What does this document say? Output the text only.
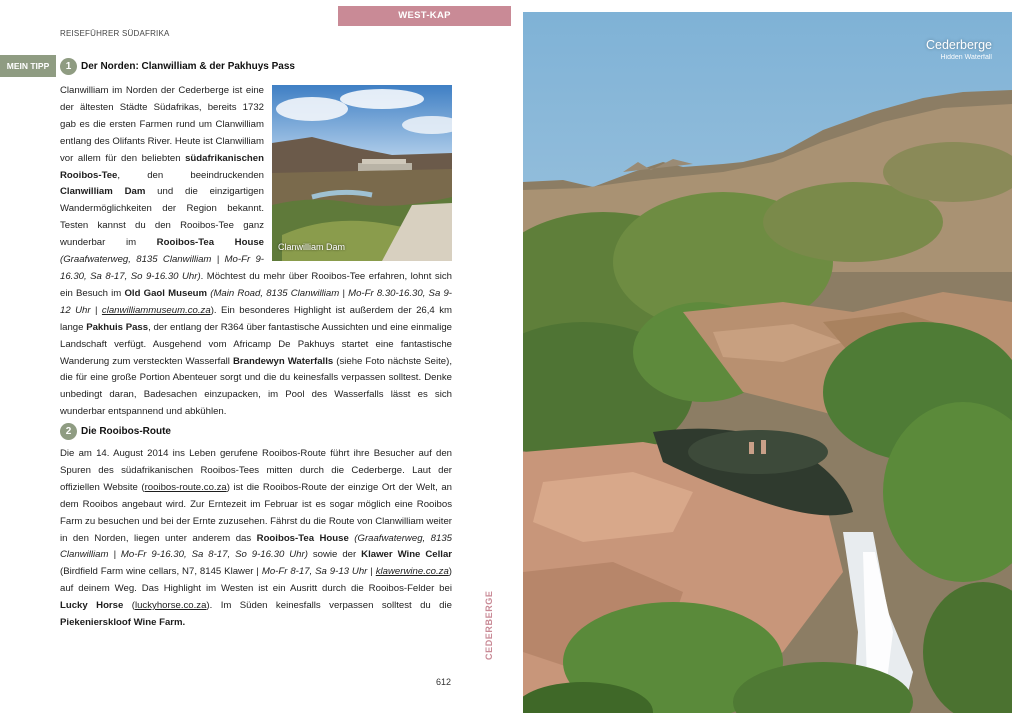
REISEFÜHRER SÜDAFRIKA
WEST-KAP
MEIN TIPP	1 Der Norden: Clanwilliam & der Pakhuys Pass
Clanwilliam Dam
Clanwilliam im Norden der Cederberge ist eine der ältesten Städte Südafrikas, bereits 1732 gab es die ersten Farmen rund um Clanwilliam entlang des Olifants River. Heute ist Clanwilliam vor allem für den beliebten südafrikanischen Rooibos-Tee, den beeindruckenden Clanwilliam Dam und die einzigartigen Wandermöglichkeiten der Region bekannt. Testen kannst du den Rooibos-Tee ganz wunderbar im Rooibos-Tea House (Graafwaterweg, 8135 Clanwilliam | Mo-Fr 9-16.30, Sa 8-17, So 9-16.30 Uhr). Möchtest du mehr über Rooibos-Tee erfahren, lohnt sich ein Besuch im Old Gaol Museum (Main Road, 8135 Clanwilliam | Mo-Fr 8.30-16.30, Sa 9-12 Uhr | clanwilliammuseum.co.za). Ein besonderes Highlight ist außerdem der 26,4 km lange Pakhuis Pass, der entlang der R364 über fantastische Aussichten und eine einmalige Landschaft verfügt. Ausgehend vom Africamp De Pakhuys startet eine fantastische Wanderung zum versteckten Wasserfall Brandewyn Waterfalls (siehe Foto nächste Seite), die für eine große Portion Abenteuer sorgt und die du keinesfalls verpassen solltest. Denke unbedingt daran, Badesachen einzupacken, im Pool des Wasserfalls lässt es sich wunderbar entspannend und abkühlen.
2 Die Rooibos-Route
Die am 14. August 2014 ins Leben gerufene Rooibos-Route führt ihre Besucher auf den Spuren des südafrikanischen Rooibos-Tees mitten durch die Cederberge. Laut der offiziellen Website (rooibos-route.co.za) ist die Rooibos-Route der einzige Ort der Welt, an dem Rooibos angebaut wird. Zur Erntezeit im Februar ist es sogar möglich eine Rooibos Farm zu besuchen und bei der Ernte zuzusehen. Fährst du die Route von Clanwilliam weiter in den Norden, liegen unter anderem das Rooibos-Tea House (Graafwaterweg, 8135 Clanwilliam | Mo-Fr 9-16.30, Sa 8-17, So 9-16.30 Uhr) sowie der Klawer Wine Cellar (Birdfield Farm wine cellars, N7, 8145 Klawer | Mo-Fr 8-17, Sa 9-13 Uhr | klawerwine.co.za) auf deinem Weg. Das Highlight im Westen ist ein Ausritt durch die Rooibos-Felder bei Lucky Horse (luckyhorse.co.za). Im Süden keinesfalls verpassen solltest du die Piekenierskloof Wine Farm.
612
CEDERBERGE
Cederberge
Hidden Waterfall
